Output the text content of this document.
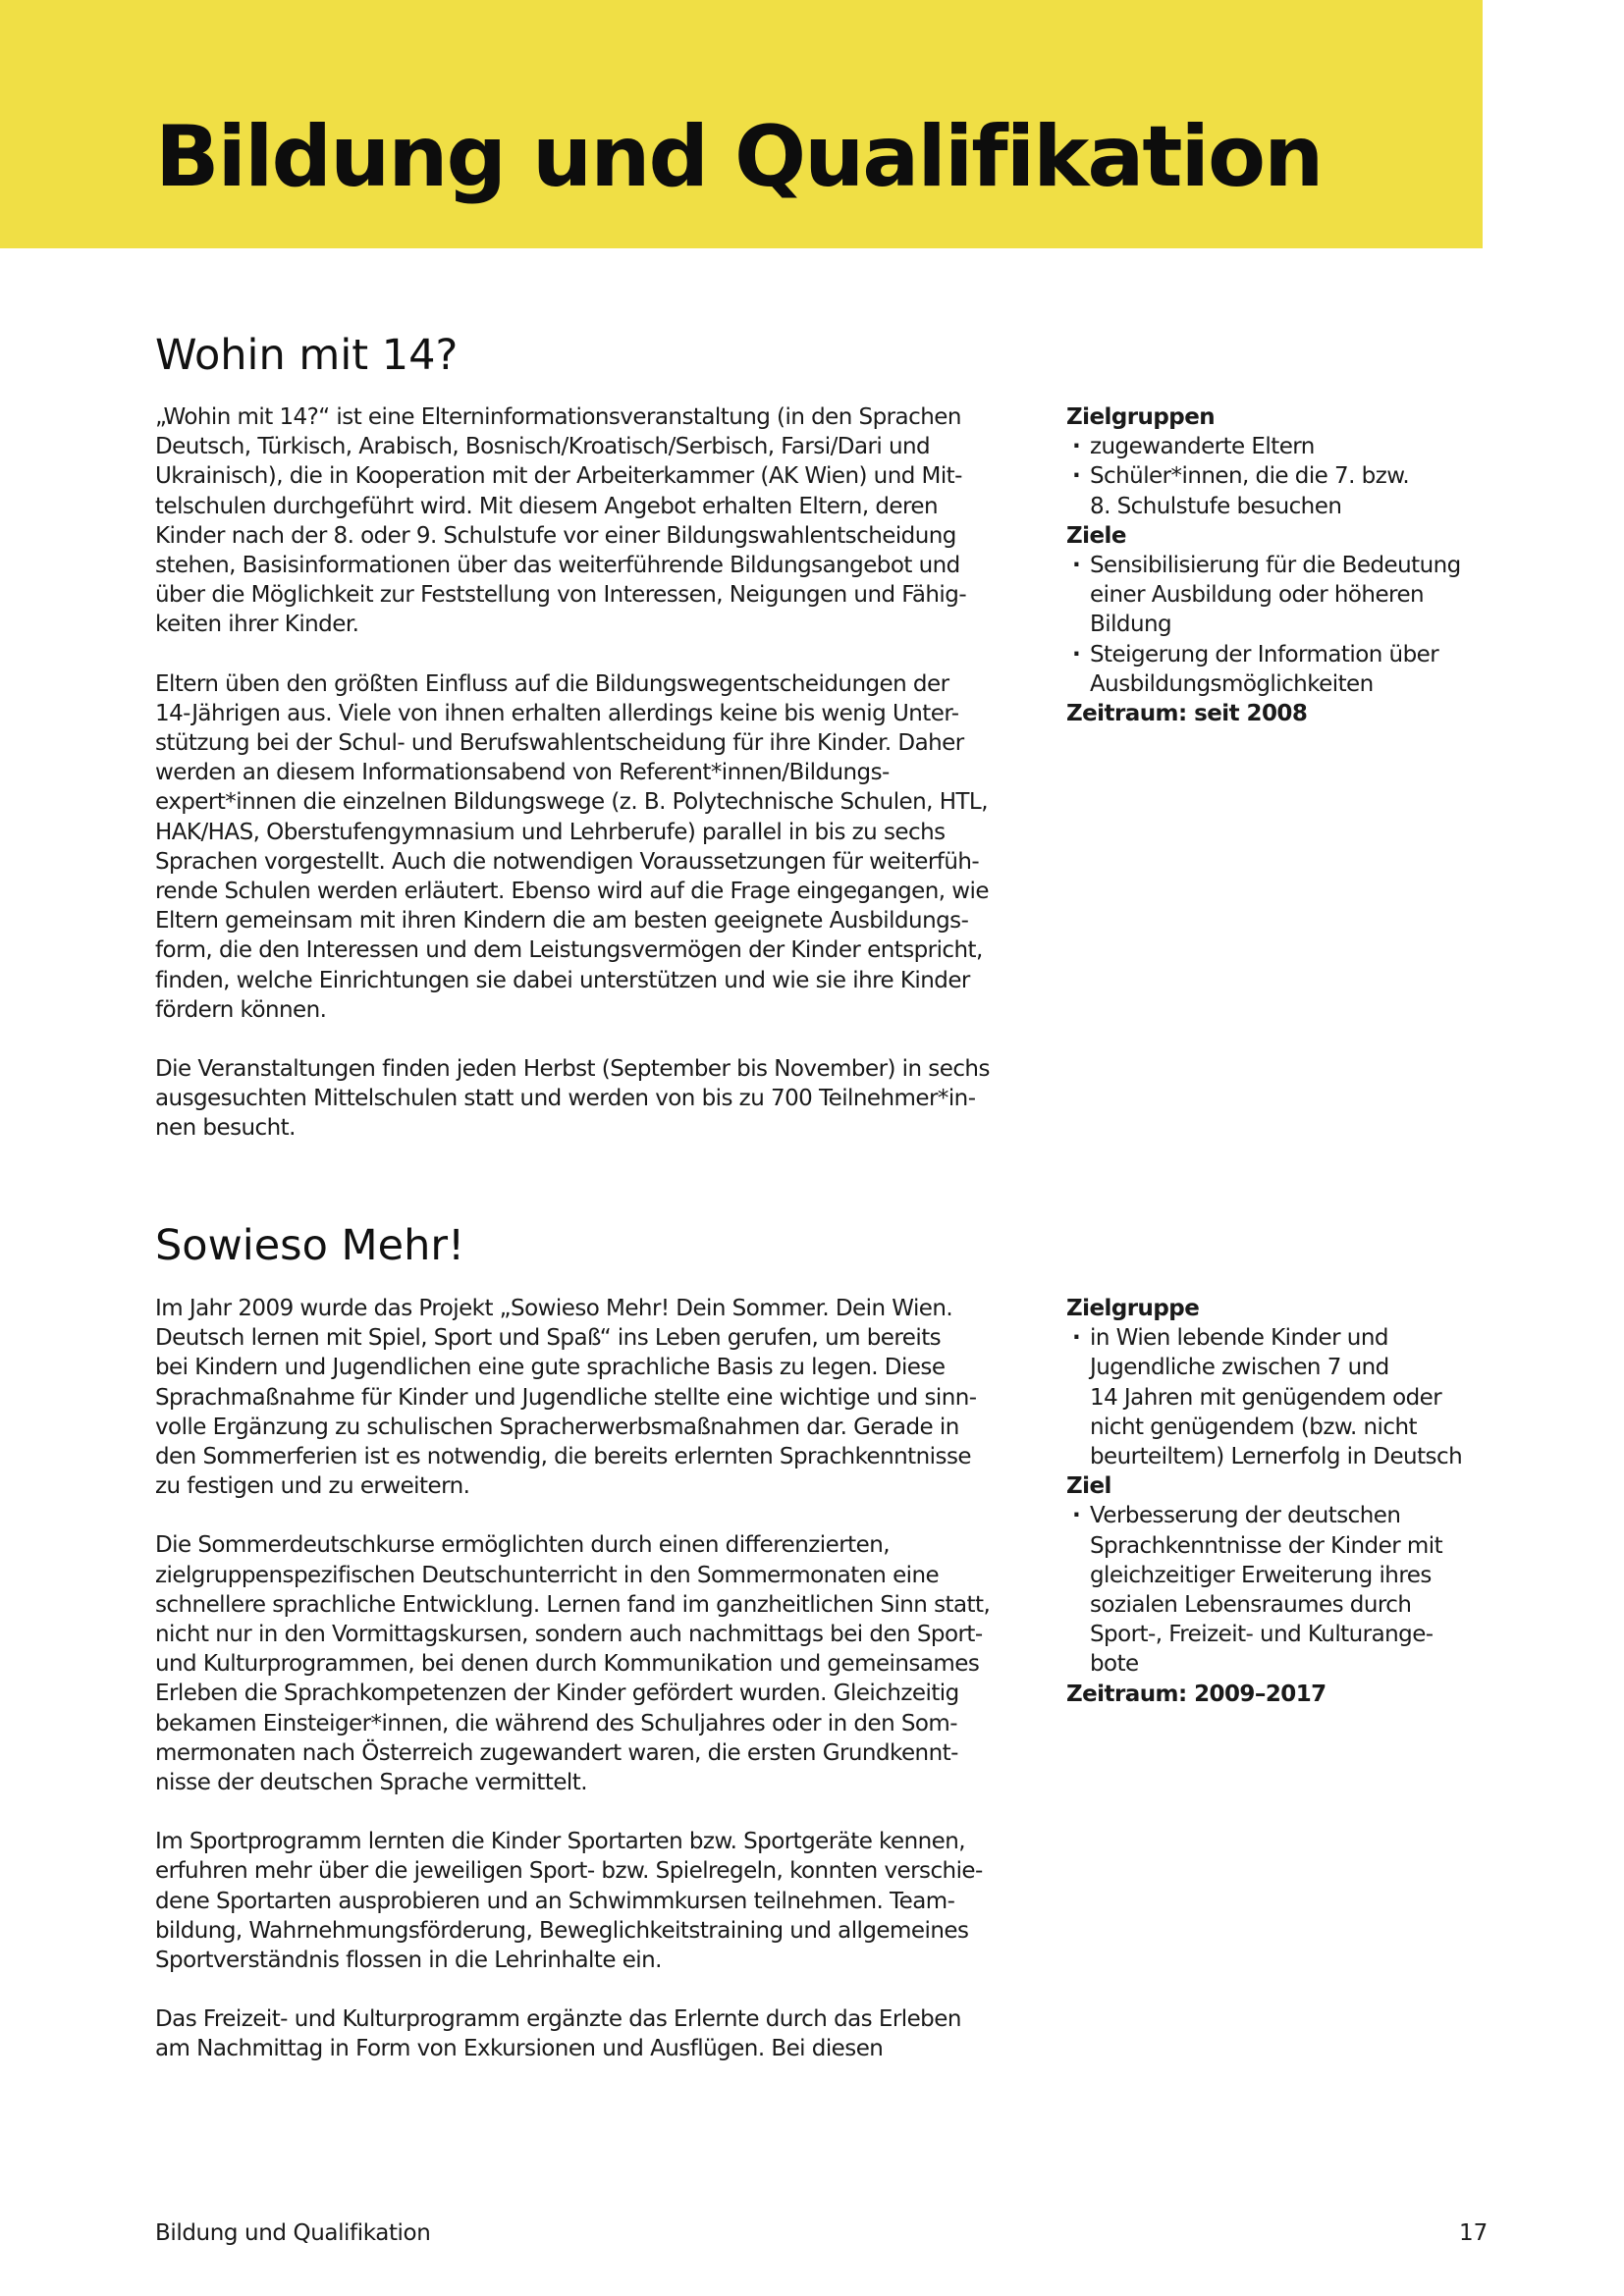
Bildung und Qualifikation
Wohin mit 14?

„Wohin mit 14?“ ist eine Elterninformationsveranstaltung (in den Sprachen
Deutsch, Türkisch, Arabisch, Bosnisch/Kroatisch/Serbisch, Farsi/Dari und
Ukrainisch), die in Kooperation mit der Arbeiterkammer (AK Wien) und Mit-
telschulen durchgeführt wird. Mit diesem Angebot erhalten Eltern, deren
Kinder nach der 8. oder 9. Schulstufe vor einer Bildungswahlentscheidung
stehen, Basisinformationen über das weiterführende Bildungsangebot und
über die Möglichkeit zur Feststellung von Interessen, Neigungen und Fähig-
keiten ihrer Kinder.

Eltern üben den größten Einfluss auf die Bildungswegentscheidungen der
14-Jährigen aus. Viele von ihnen erhalten allerdings keine bis wenig Unter-
stützung bei der Schul- und Berufswahlentscheidung für ihre Kinder. Daher
werden an diesem Informationsabend von Referent*innen/Bildungs-
expert*innen die einzelnen Bildungswege (z. B. Polytechnische Schulen, HTL,
HAK/HAS, Oberstufengymnasium und Lehrberufe) parallel in bis zu sechs
Sprachen vorgestellt. Auch die notwendigen Voraussetzungen für weiterfüh-
rende Schulen werden erläutert. Ebenso wird auf die Frage eingegangen, wie
Eltern gemeinsam mit ihren Kindern die am besten geeignete Ausbildungs-
form, die den Interessen und dem Leistungsvermögen der Kinder entspricht,
finden, welche Einrichtungen sie dabei unterstützen und wie sie ihre Kinder
fördern können.

Die Veranstaltungen finden jeden Herbst (September bis November) in sechs
ausgesuchten Mittelschulen statt und werden von bis zu 700 Teilnehmer*in-
nen besucht.

Zielgruppen

· zugewanderte Eltern
· Schüler*innen, die die 7. bzw.
8. Schulstufe besuchen

Ziele

· Sensibilisierung für die Bedeutung
einer Ausbildung oder höheren
Bildung
· Steigerung der Information über
Ausbildungsmöglichkeiten

Zeitraum: seit 2008

Sowieso Mehr!

Im Jahr 2009 wurde das Projekt „Sowieso Mehr! Dein Sommer. Dein Wien.
Deutsch lernen mit Spiel, Sport und Spaß“ ins Leben gerufen, um bereits
bei Kindern und Jugendlichen eine gute sprachliche Basis zu legen. Diese
Sprachmaßnahme für Kinder und Jugendliche stellte eine wichtige und sinn-
volle Ergänzung zu schulischen Spracherwerbsmaßnahmen dar. Gerade in
den Sommerferien ist es notwendig, die bereits erlernten Sprachkenntnisse
zu festigen und zu erweitern.

Die Sommerdeutschkurse ermöglichten durch einen differenzierten,
zielgruppenspezifischen Deutschunterricht in den Sommermonaten eine
schnellere sprachliche Entwicklung. Lernen fand im ganzheitlichen Sinn statt,
nicht nur in den Vormittagskursen, sondern auch nachmittags bei den Sport-
und Kulturprogrammen, bei denen durch Kommunikation und gemeinsames
Erleben die Sprachkompetenzen der Kinder gefördert wurden. Gleichzeitig
bekamen Einsteiger*innen, die während des Schuljahres oder in den Som-
mermonaten nach Österreich zugewandert waren, die ersten Grundkennt-
nisse der deutschen Sprache vermittelt.

Im Sportprogramm lernten die Kinder Sportarten bzw. Sportgeräte kennen,
erfuhren mehr über die jeweiligen Sport- bzw. Spielregeln, konnten verschie-
dene Sportarten ausprobieren und an Schwimmkursen teilnehmen. Team-
bildung, Wahrnehmungsförderung, Beweglichkeitstraining und allgemeines
Sportverständnis flossen in die Lehrinhalte ein.

Das Freizeit- und Kulturprogramm ergänzte das Erlernte durch das Erleben
am Nachmittag in Form von Exkursionen und Ausflügen. Bei diesen

Zielgruppe

· in Wien lebende Kinder und
Jugendliche zwischen 7 und
14 Jahren mit genügendem oder
nicht genügendem (bzw. nicht
beurteiltem) Lernerfolg in Deutsch

Ziel

· Verbesserung der deutschen
Sprachkenntnisse der Kinder mit
gleichzeitiger Erweiterung ihres
sozialen Lebensraumes durch
Sport-, Freizeit- und Kulturange-
bote

Zeitraum: 2009–2017

Bildung und Qualifikation	17
